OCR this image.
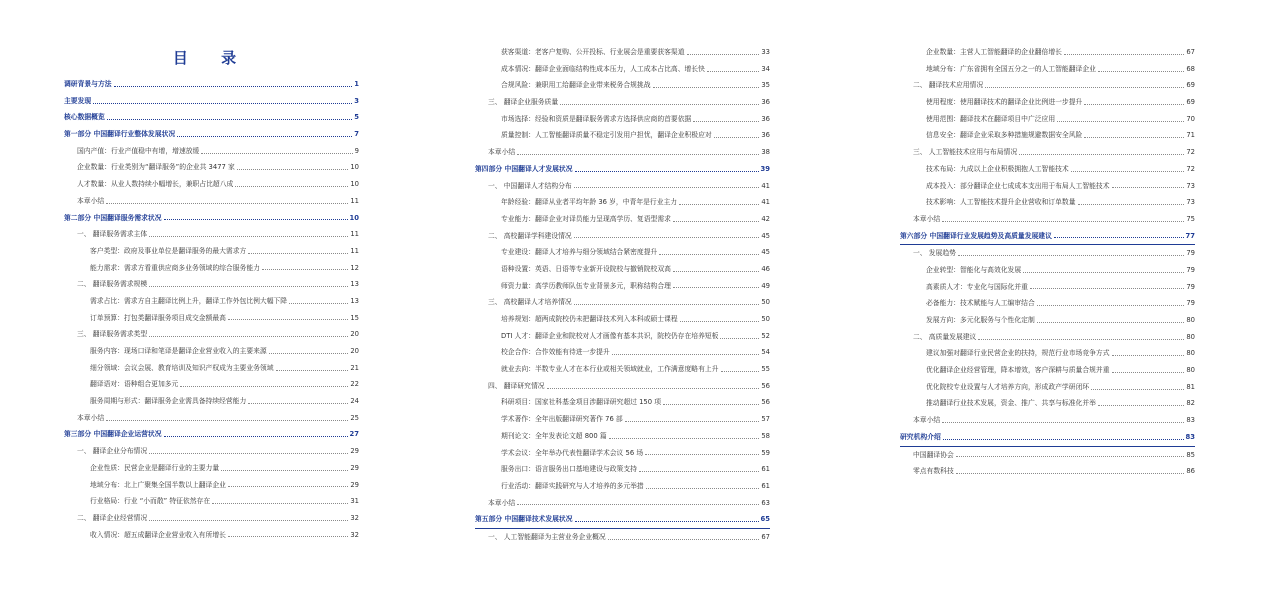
目 录
调研背景与方法	1
主要发现	3
核心数据概览	5
第一部分 中国翻译行业整体发展状况	7
国内产值：行业产值稳中有增，增速放缓	9
企业数量：行业类别为“翻译服务”的企业共 3477 家	10
人才数量：从业人数持续小幅增长，兼职占比超八成	10
本章小结	11
第二部分 中国翻译服务需求状况	10
一、 翻译服务需求主体	11
客户类型：政府及事业单位是翻译服务的最大需求方	11
能力需求：需求方看重供应商多业务领域的综合服务能力	12
二、 翻译服务需求规模	13
需求占比：需求方自主翻译比例上升，翻译工作外包比例大幅下降	13
订单预算：打包类翻译服务项目成交金额最高	15
三、 翻译服务需求类型	20
服务内容：现场口译和笔译是翻译企业营业收入的主要来源	20
细分领域：会议会展、教育培训及知识产权成为主要业务领域	21
翻译语对：语种组合更加多元	22
服务周期与形式：翻译服务企业需具备持续经营能力	24
本章小结	25
第三部分 中国翻译企业运营状况	27
一、 翻译企业分布情况	29
企业性质：民营企业是翻译行业的主要力量	29
地域分布：北上广聚集全国半数以上翻译企业	29
行业格局：行业 “小而散” 特征依然存在	31
二、 翻译企业经营情况	32
收入情况：超五成翻译企业营业收入有所增长	32
获客渠道：老客户复购、公开投标、行业展会是重要获客渠道	33
成本情况：翻译企业面临结构性成本压力，人工成本占比高、增长快	34
合规风险：兼职用工给翻译企业带来税务合规挑战	35
三、 翻译企业服务质量	36
市场选择：经验和资质是翻译服务需求方选择供应商的首要依据	36
质量控制：人工智能翻译质量不稳定引发用户担忧，翻译企业积极应对	36
本章小结	38
第四部分 中国翻译人才发展状况	39
一、 中国翻译人才结构分布	41
年龄经验：翻译从业者平均年龄 36 岁，中青年是行业主力	41
专业能力：翻译企业对译员能力呈现高学历、复语型需求	42
二、 高校翻译学科建设情况	45
专业建设：翻译人才培养与细分领域结合紧密度提升	45
语种设置：英语、日语等专业新开设院校与撤销院校双高	46
师资力量：高学历教师队伍专业背景多元，职称结构合理	49
三、 高校翻译人才培养情况	50
培养规划：超两成院校仍未把翻译技术列入本科或硕士课程	50
DTI 人才：翻译企业和院校对人才画像有基本共识，院校仍存在培养短板	52
校企合作：合作效能有待进一步提升	54
就业去向：半数专业人才在本行业或相关领域就业，工作满意度略有上升	55
四、 翻译研究情况	56
科研项目：国家社科基金项目涉翻译研究超过 150 项	56
学术著作：全年出版翻译研究著作 76 部	57
期刊论文：全年发表论文超 800 篇	58
学术会议：全年举办代表性翻译学术会议 56 场	59
服务出口：语言服务出口基地建设与政策支持	61
行业活动：翻译实践研究与人才培养的多元举措	61
本章小结	63
第五部分 中国翻译技术发展状况	65
一、 人工智能翻译为主营业务企业概况	67
企业数量：主营人工智能翻译的企业翻倍增长	67
地域分布：广东省拥有全国五分之一的人工智能翻译企业	68
二、 翻译技术应用情况	69
使用程度：使用翻译技术的翻译企业比例进一步提升	69
使用范围：翻译技术在翻译项目中广泛应用	70
信息安全：翻译企业采取多种措施规避数据安全风险	71
三、 人工智能技术应用与布局情况	72
技术布局：九成以上企业积极拥抱人工智能技术	72
成本投入：部分翻译企业七成成本支出用于布局人工智能技术	73
技术影响：人工智能技术提升企业营收和订单数量	73
本章小结	75
第六部分 中国翻译行业发展趋势及高质量发展建议	77
一、 发展趋势	79
企业转型：智能化与高效化发展	79
高素质人才：专业化与国际化并重	79
必备能力：技术赋能与人工编审结合	79
发展方向：多元化服务与个性化定制	80
二、 高质量发展建议	80
建议加强对翻译行业民营企业的扶持，规范行业市场竞争方式	80
优化翻译企业经营管理，降本增效，客户深耕与质量合规并重	80
优化院校专业设置与人才培养方向，形成政产学研闭环	81
推动翻译行业技术发展，资金、推广、共享与标准化并举	82
本章小结	83
研究机构介绍	83
中国翻译协会	85
零点有数科技	86
